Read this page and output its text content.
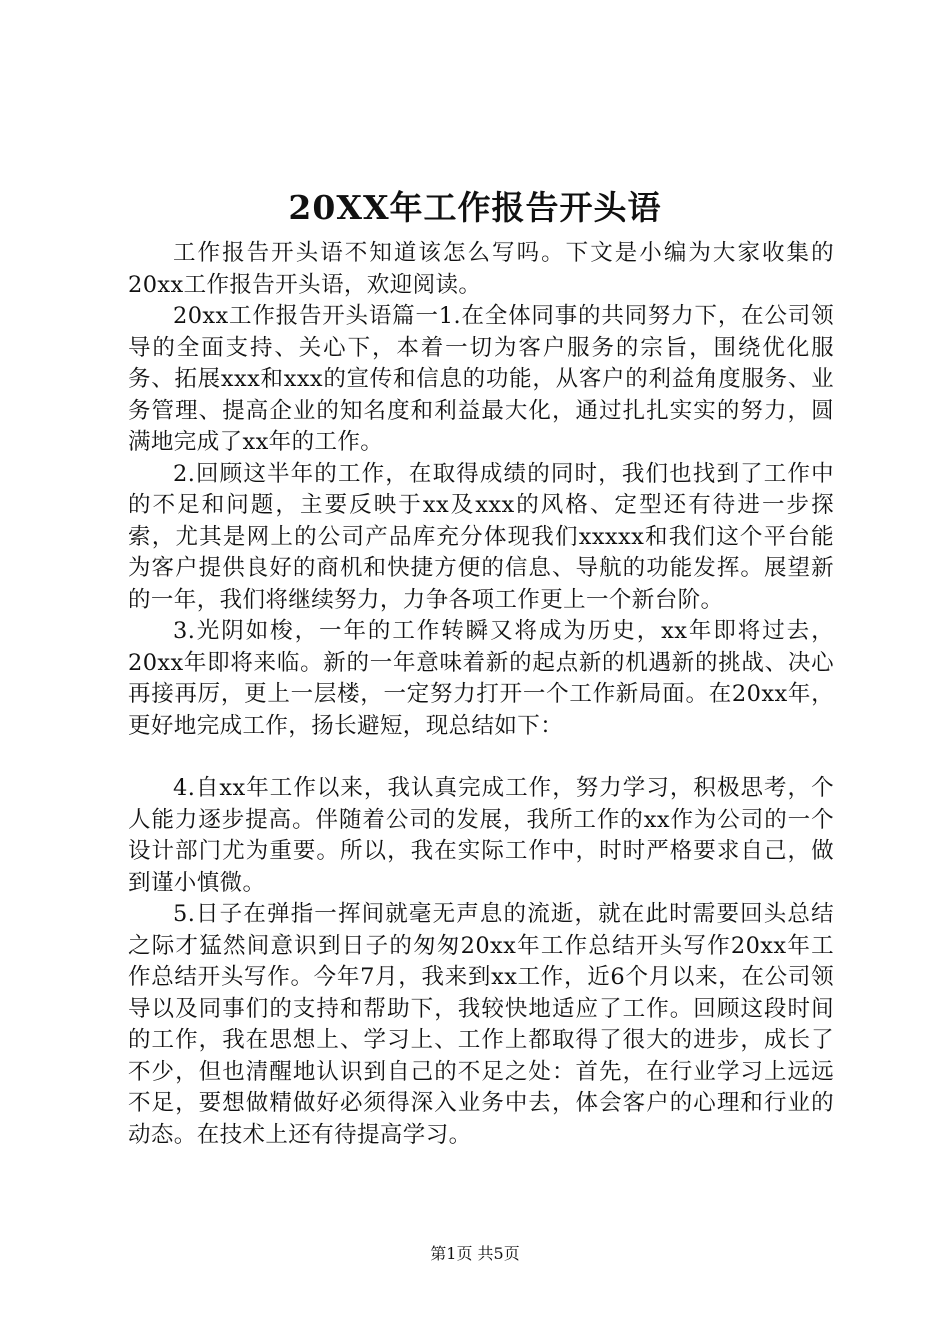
20XX年工作报告开头语

工作报告开头语不知道该怎么写吗。下文是小编为大家收集的20xx工作报告开头语，欢迎阅读。

20xx工作报告开头语篇一1.在全体同事的共同努力下，在公司领导的全面支持、关心下，本着一切为客户服务的宗旨，围绕优化服务、拓展xxx和xxx的宣传和信息的功能，从客户的利益角度服务、业务管理、提高企业的知名度和利益最大化，通过扎扎实实的努力，圆满地完成了xx年的工作。

2.回顾这半年的工作，在取得成绩的同时，我们也找到了工作中的不足和问题，主要反映于xx及xxx的风格、定型还有待进一步探索，尤其是网上的公司产品库充分体现我们xxxxx和我们这个平台能为客户提供良好的商机和快捷方便的信息、导航的功能发挥。展望新的一年，我们将继续努力，力争各项工作更上一个新台阶。

3.光阴如梭，一年的工作转瞬又将成为历史，xx年即将过去，20xx年即将来临。新的一年意味着新的起点新的机遇新的挑战、决心再接再厉，更上一层楼，一定努力打开一个工作新局面。在20xx年，更好地完成工作，扬长避短，现总结如下：

4.自xx年工作以来，我认真完成工作，努力学习，积极思考，个人能力逐步提高。伴随着公司的发展，我所工作的xx作为公司的一个设计部门尤为重要。所以，我在实际工作中，时时严格要求自己，做到谨小慎微。

5.日子在弹指一挥间就毫无声息的流逝，就在此时需要回头总结之际才猛然间意识到日子的匆匆20xx年工作总结开头写作20xx年工作总结开头写作。今年7月，我来到xx工作，近6个月以来，在公司领导以及同事们的支持和帮助下，我较快地适应了工作。回顾这段时间的工作，我在思想上、学习上、工作上都取得了很大的进步，成长了不少，但也清醒地认识到自己的不足之处：首先，在行业学习上远远不足，要想做精做好必须得深入业务中去，体会客户的心理和行业的动态。在技术上还有待提高学习。

第1页 共5页
